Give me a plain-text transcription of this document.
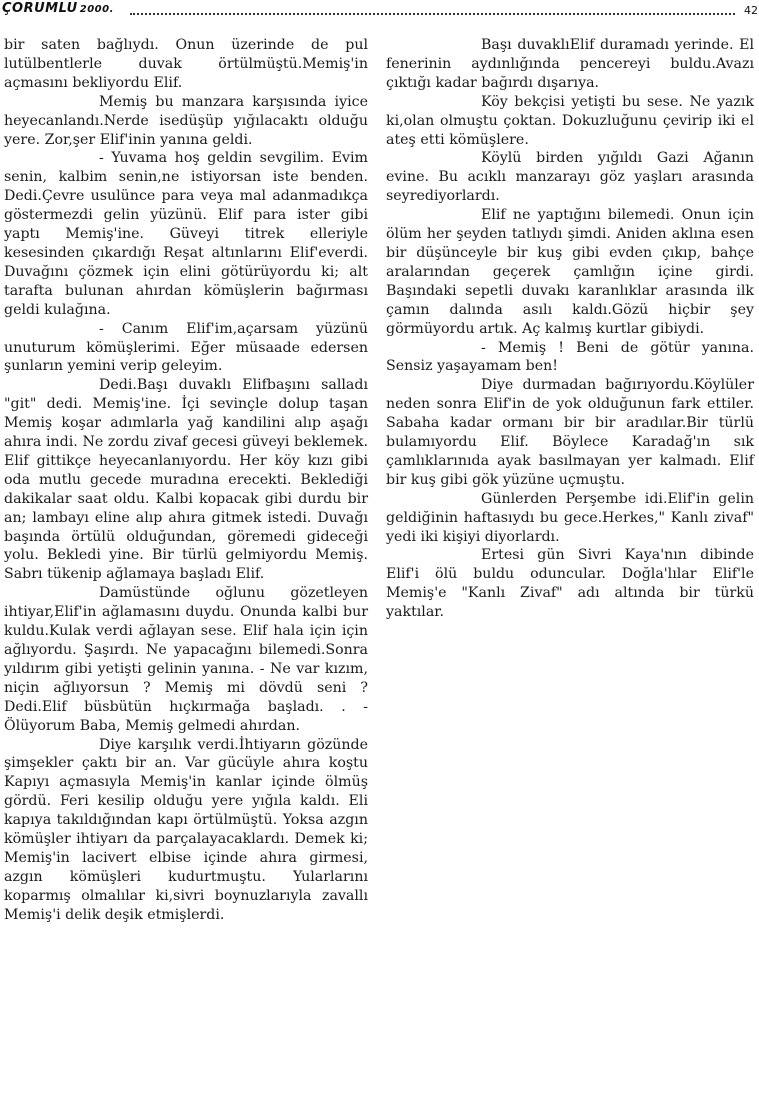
ÇORUMLU 2000.	42

bir saten bağlıydı. Onun üzerinde de pul lutülbentlerle duvak örtülmüştü.Memiş'in açmasını bekliyordu Elif.

Memiş bu manzara karşısında iyice heyecanlandı.Nerde isedüşüp yığılacaktı olduğu yere. Zor,şer Elif'inin yanına geldi.

- Yuvama hoş geldin sevgilim. Evim senin, kalbim senin,ne istiyorsan iste benden. Dedi.Çevre usulünce para veya mal adanmadıkça göstermezdi gelin yüzünü. Elif para ister gibi yaptı Memiş'ine. Güveyi titrek elleriyle kesesinden çıkardığı Reşat altınlarını Elif'everdi. Duvağını çözmek için elini götürüyordu ki; alt tarafta bulunan ahırdan kömüşlerin bağırması geldi kulağına.

- Canım Elif'im,açarsam yüzünü unuturum kömüşlerimi. Eğer müsaade edersen şunların yemini verip geleyim.

Dedi.Başı duvaklı Elifbaşını salladı "git" dedi. Memiş'ine. İçi sevinçle dolup taşan Memiş koşar adımlarla yağ kandilini alıp aşağı ahıra indi. Ne zordu zivaf gecesi güveyi beklemek. Elif gittikçe heyecanlanıyordu. Her köy kızı gibi oda mutlu gecede muradına erecekti. Beklediği dakikalar saat oldu. Kalbi kopacak gibi durdu bir an; lambayı eline alıp ahıra gitmek istedi. Duvağı başında örtülü olduğundan, göremedi gideceği yolu. Bekledi yine. Bir türlü gelmiyordu Memiş. Sabrı tükenip ağlamaya başladı Elif.

Damüstünde oğlunu gözetleyen ihtiyar,Elif'in ağlamasını duydu. Onunda kalbi bur kuldu.Kulak verdi ağlayan sese. Elif hala için için ağlıyordu. Şaşırdı. Ne yapacağını bilemedi.Sonra yıldırım gibi yetişti gelinin yanına. - Ne var kızım, niçin ağlıyorsun ? Memiş mi dövdü seni ? Dedi.Elif büsbütün hıçkırmağa başladı. . - Ölüyorum Baba, Memiş gelmedi ahırdan.

Diye karşılık verdi.İhtiyarın gözünde şimşekler çaktı bir an. Var gücüyle ahıra koştu Kapıyı açmasıyla Memiş'in kanlar içinde ölmüş gördü. Feri kesilip olduğu yere yığıla kaldı. Eli kapıya takıldığından kapı örtülmüştü. Yoksa azgın kömüşler ihtiyarı da parçalayacaklardı. Demek ki; Memiş'in lacivert elbise içinde ahıra girmesi, azgın kömüşleri kudurtmuştu. Yularlarını koparmış olmalılar ki,sivri boynuzlarıyla zavallı Memiş'i delik deşik etmişlerdi.

Başı duvaklıElif duramadı yerinde. El fenerinin aydınlığında pencereyi buldu.Avazı çıktığı kadar bağırdı dışarıya.

Köy bekçisi yetişti bu sese. Ne yazık ki,olan olmuştu çoktan. Dokuzluğunu çevirip iki el ateş etti kömüşlere.

Köylü birden yığıldı Gazi Ağanın evine. Bu acıklı manzarayı göz yaşları arasında seyrediyorlardı.

Elif ne yaptığını bilemedi. Onun için ölüm her şeyden tatlıydı şimdi. Aniden aklına esen bir düşünceyle bir kuş gibi evden çıkıp, bahçe aralarından geçerek çamlığın içine girdi. Başındaki sepetli duvakı karanlıklar arasında ilk çamın dalında asılı kaldı.Gözü hiçbir şey görmüyordu artık. Aç kalmış kurtlar gibiydi.

- Memiş ! Beni de götür yanına. Sensiz yaşayamam ben!

Diye durmadan bağırıyordu.Köylüler neden sonra Elif'in de yok olduğunun fark ettiler. Sabaha kadar ormanı bir bir aradılar.Bir türlü bulamıyordu Elif. Böylece Karadağ'ın sık çamlıklarınıda ayak basılmayan yer kalmadı. Elif bir kuş gibi gök yüzüne uçmuştu.

Günlerden Perşembe idi.Elif'in gelin geldiğinin haftasıydı bu gece.Herkes," Kanlı zivaf" yedi iki kişiyi diyorlardı.

Ertesi gün Sivri Kaya'nın dibinde Elif'i ölü buldu oduncular. Doğla'lılar Elif'le Memiş'e "Kanlı Zivaf" adı altında bir türkü yaktılar.
